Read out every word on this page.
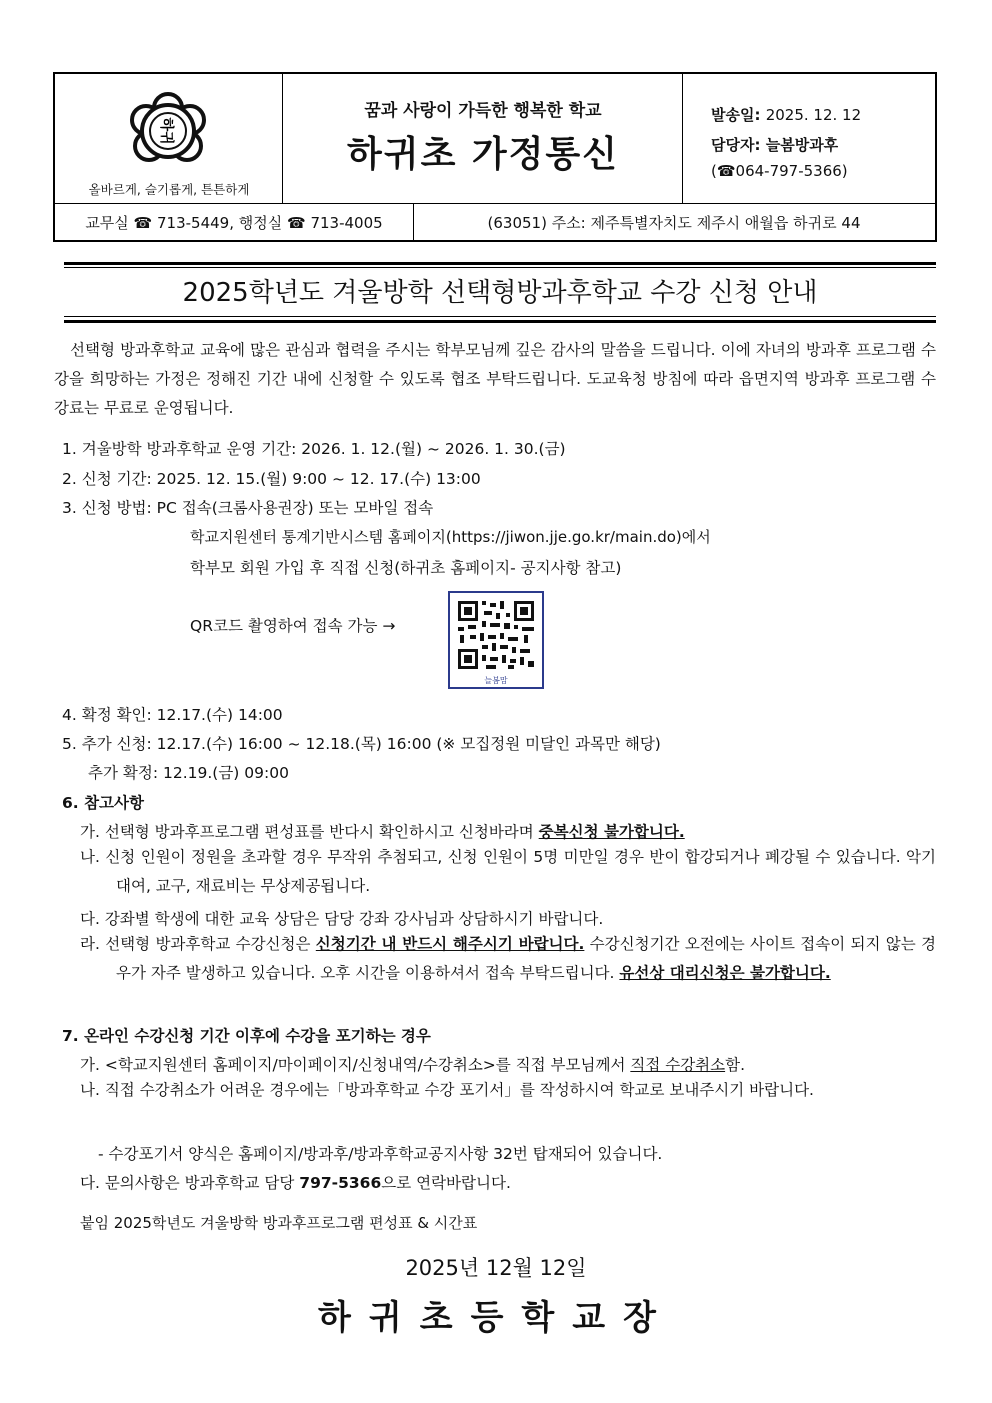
하귀
올바르게, 슬기롭게, 튼튼하게
꿈과 사랑이 가득한 행복한 학교
하귀초 가정통신
발송일: 2025. 12. 12
담당자: 늘봄방과후
(☎064-797-5366)
교무실 ☎ 713-5449, 행정실 ☎ 713-4005	(63051) 주소: 제주특별자치도 제주시 애월읍 하귀로 44
2025학년도 겨울방학 선택형방과후학교 수강 신청 안내
선택형 방과후학교 교육에 많은 관심과 협력을 주시는 학부모님께 깊은 감사의 말씀을 드립니다. 이에 자녀의 방과후 프로그램 수강을 희망하는 가정은 정해진 기간 내에 신청할 수 있도록 협조 부탁드립니다. 도교육청 방침에 따라 읍면지역 방과후 프로그램 수강료는 무료로 운영됩니다.
1. 겨울방학 방과후학교 운영 기간: 2026. 1. 12.(월) ~ 2026. 1. 30.(금)
2. 신청 기간: 2025. 12. 15.(월) 9:00 ~ 12. 17.(수) 13:00
3. 신청 방법: PC 접속(크롬사용권장) 또는 모바일 접속
학교지원센터 통계기반시스템 홈페이지(https://jiwon.jje.go.kr/main.do)에서
학부모 회원 가입 후 직접 신청(하귀초 홈페이지- 공지사항 참고)
QR코드 촬영하여 접속 가능 →
늘봄맘
4. 확정 확인: 12.17.(수) 14:00
5. 추가 신청: 12.17.(수) 16:00 ~ 12.18.(목) 16:00 (※ 모집정원 미달인 과목만 해당)
추가 확정: 12.19.(금) 09:00
6. 참고사항
가. 선택형 방과후프로그램 편성표를 반다시 확인하시고 신청바라며 중복신청 불가합니다.
나. 신청 인원이 정원을 초과할 경우 무작위 추첨되고, 신청 인원이 5명 미만일 경우 반이 합강되거나 폐강될 수 있습니다. 악기대여, 교구, 재료비는 무상제공됩니다.
다. 강좌별 학생에 대한 교육 상담은 담당 강좌 강사님과 상담하시기 바랍니다.
라. 선택형 방과후학교 수강신청은 신청기간 내 반드시 해주시기 바랍니다. 수강신청기간 오전에는 사이트 접속이 되지 않는 경우가 자주 발생하고 있습니다. 오후 시간을 이용하셔서 접속 부탁드립니다. 유선상 대리신청은 불가합니다.
7. 온라인 수강신청 기간 이후에 수강을 포기하는 경우
가. <학교지원센터 홈페이지/마이페이지/신청내역/수강취소>를 직접 부모님께서 직접 수강취소함.
나. 직접 수강취소가 어려운 경우에는「방과후학교 수강 포기서」를 작성하시여 학교로 보내주시기 바랍니다.
- 수강포기서 양식은 홈페이지/방과후/방과후학교공지사항 32번 탑재되어 있습니다.
다. 문의사항은 방과후학교 담당 797-5366으로 연락바랍니다.
붙임 2025학년도 겨울방학 방과후프로그램 편성표 & 시간표
2025년 12월 12일
하귀초등학교장
